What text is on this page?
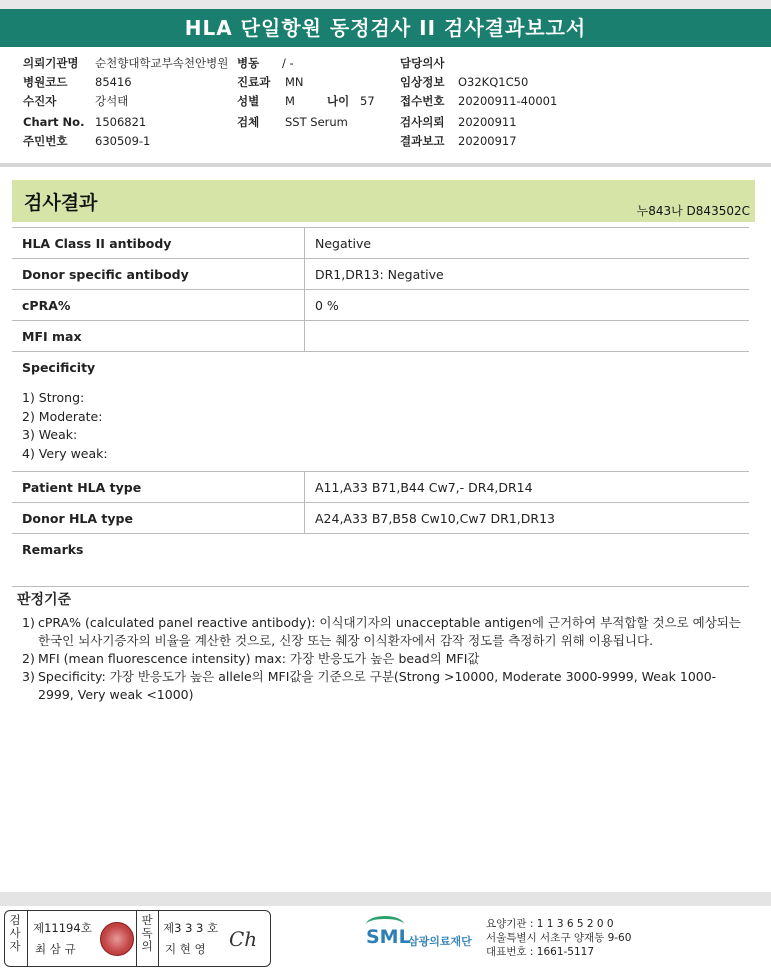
HLA 단일항원 동정검사 II 검사결과보고서
의뢰기관명 순천향대학교부속천안병원 병동 / -	담당의사
병원코드 85416	진료과 MN	임상정보 O32KQ1C50
수진자	강석태	성별 M	나이 57 접수번호 20200911-40001
Chart No. 1506821	검체 SST Serum	검사의뢰 20200911
주민번호 630509-1	결과보고 20200917
검사결과	누843나 D843502C
HLA Class II antibody	Negative
Donor specific antibody	DR1,DR13: Negative
cPRA%	0 %
MFI max	

Specificity
1) Strong:
2) Moderate:
3) Weak:
4) Very weak:	

Patient HLA type	A11,A33 B71,B44 Cw7,- DR4,DR14
Donor HLA type	A24,A33 B7,B58 Cw10,Cw7 DR1,DR13
Remarks	
판정기준
1) cPRA% (calculated panel reactive antibody): 이식대기자의 unacceptable antigen에 근거하여 부적합할 것으로 예상되는 한국인 뇌사기증자의 비율을 계산한 것으로, 신장 또는 췌장 이식환자에서 감작 정도를 측정하기 위해 이용됩니다.
2) MFI (mean fluorescence intensity) max: 가장 반응도가 높은 bead의 MFI값
3) Specificity: 가장 반응도가 높은 allele의 MFI값을 기준으로 구분(Strong >10000, Moderate 3000-9999, Weak 1000-2999, Very weak <1000)
검사자
제11194호
최 삼 규
판독의
제3 3 3 호
지 현 영 Ch	SML
삼광의료재단
요양기관 : 1 1 3 6 5 2 0 0
서울특별시 서초구 양재동 9-60
대표번호 : 1661-5117
